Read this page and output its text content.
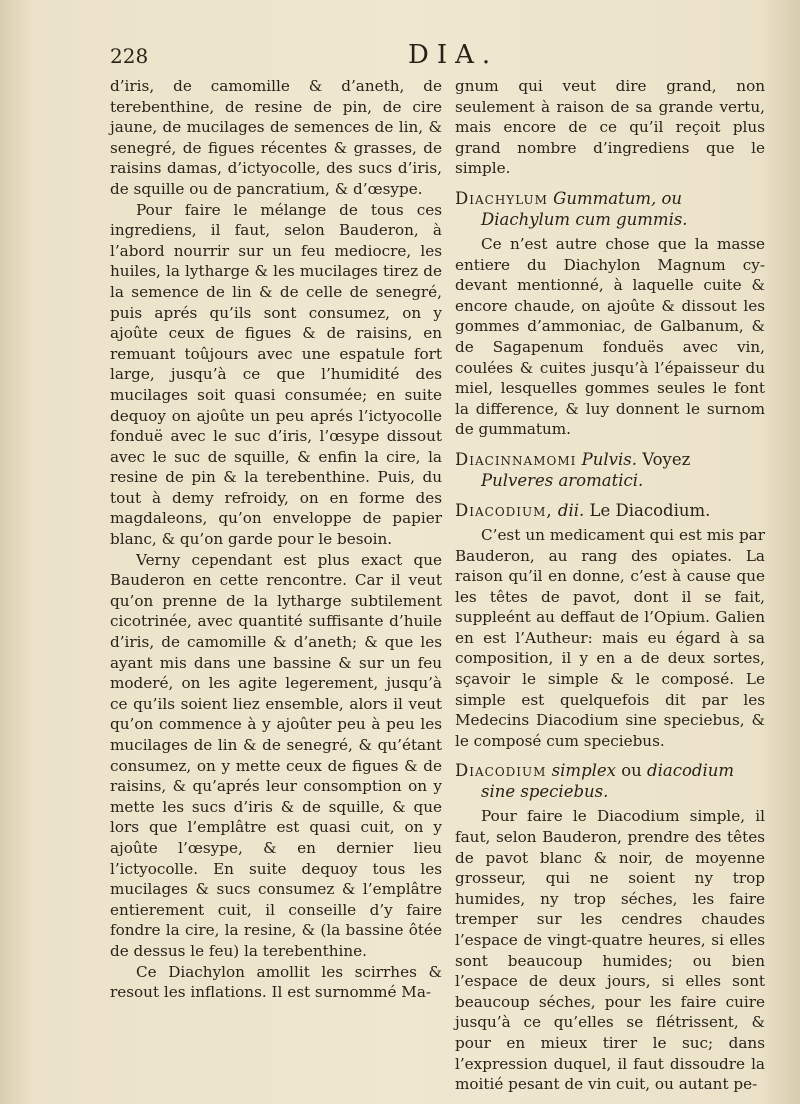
228	DIA.

d’iris, de camomille & d’aneth, de terebenthine, de resine de pin, de cire jaune, de mucilages de semences de lin, & senegré, de figues récentes & grasses, de raisins damas, d’ictyocolle, des sucs d’iris, de squille ou de pancratium, & d’œsype.

Pour faire le mélange de tous ces ingrediens, il faut, selon Bauderon, à l’abord nourrir sur un feu mediocre, les huiles, la lytharge & les mucilages tirez de la semence de lin & de celle de senegré, puis aprés qu’ils sont consumez, on y ajoûte ceux de figues & de raisins, en remuant toûjours avec une espatule fort large, jusqu’à ce que l’humidité des mucilages soit quasi consumée; en suite dequoy on ajoûte un peu aprés l’ictyocolle fonduë avec le suc d’iris, l’œsype dissout avec le suc de squille, & enfin la cire, la resine de pin & la terebenthine. Puis, du tout à demy refroidy, on en forme des magdaleons, qu’on enveloppe de papier blanc, & qu’on garde pour le besoin.

Verny cependant est plus exact que Bauderon en cette rencontre. Car il veut qu’on prenne de la lytharge subtilement cicotrinée, avec quantité suffisante d’huile d’iris, de camomille & d’aneth; & que les ayant mis dans une bassine & sur un feu moderé, on les agite legerement, jusqu’à ce qu’ils soient liez ensemble, alors il veut qu’on commence à y ajoûter peu à peu les mucilages de lin & de senegré, & qu’étant consumez, on y mette ceux de figues & de raisins, & qu’aprés leur consomption on y mette les sucs d’iris & de squille, & que lors que l’emplâtre est quasi cuit, on y ajoûte l’œsype, & en dernier lieu l’ictyocolle. En suite dequoy tous les mucilages & sucs consumez & l’emplâtre entierement cuit, il conseille d’y faire fondre la cire, la resine, & (la bassine ôtée de dessus le feu) la terebenthine.

Ce Diachylon amollit les scirrhes & resout les inflations. Il est surnommé Ma-

gnum qui veut dire grand, non seulement à raison de sa grande vertu, mais encore de ce qu’il reçoit plus grand nombre d’ingrediens que le simple.

Diachylum Gummatum, ou Diachylum cum gummis.

Ce n’est autre chose que la masse entiere du Diachylon Magnum cy-devant mentionné, à laquelle cuite & encore chaude, on ajoûte & dissout les gommes d’ammoniac, de Galbanum, & de Sagapenum fonduës avec vin, coulées & cuites jusqu’à l’épaisseur du miel, lesquelles gommes seules le font la difference, & luy donnent le surnom de gummatum.

Diacinnamomi Pulvis. Voyez Pulveres aromatici.
Diacodium, dii. Le Diacodium.

C’est un medicament qui est mis par Bauderon, au rang des opiates. La raison qu’il en donne, c’est à cause que les têtes de pavot, dont il se fait, suppleént au deffaut de l’Opium. Galien en est l’Autheur: mais eu égard à sa composition, il y en a de deux sortes, sçavoir le simple & le composé. Le simple est quelquefois dit par les Medecins Diacodium sine speciebus, & le composé cum speciebus.

Diacodium simplex ou diacodium sine speciebus.

Pour faire le Diacodium simple, il faut, selon Bauderon, prendre des têtes de pavot blanc & noir, de moyenne grosseur, qui ne soient ny trop humides, ny trop séches, les faire tremper sur les cendres chaudes l’espace de vingt-quatre heures, si elles sont beaucoup humides; ou bien l’espace de deux jours, si elles sont beaucoup séches, pour les faire cuire jusqu’à ce qu’elles se flétrissent, & pour en mieux tirer le suc; dans l’expression duquel, il faut dissoudre la moitié pesant de vin cuit, ou autant pe-
